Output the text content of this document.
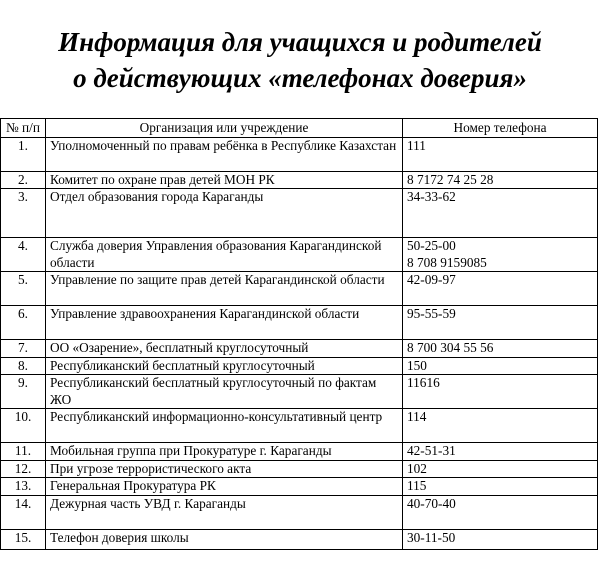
Информация для учащихся и родителей
о действующих «телефонах доверия»
№ п/п	Организация или учреждение	Номер телефона
1.	Уполномоченный по правам ребёнка в Республике Казахстан	111

2.	Комитет по охране прав детей МОН РК	8 7172 74 25 28

3.	Отдел образования города Караганды	34-33-62

4.	Служба доверия Управления образования Карагандинской области	50-25-00
8 708 9159085

5.	Управление по защите прав детей Карагандинской области	42-09-97

6.	Управление здравоохранения Карагандинской области	95-55-59

7.	ОО «Озарение», бесплатный круглосуточный	8 700 304 55 56

8.	Республиканский бесплатный круглосуточный	150

9.	Республиканский бесплатный круглосуточный по фактам ЖО	11616

10.	Республиканский информационно-консультативный центр	114

11.	Мобильная группа при Прокуратуре г. Караганды	42-51-31

12.	При угрозе террористического акта	102

13.	Генеральная Прокуратура РК	115

14.	Дежурная часть УВД г. Караганды	40-70-40

15.	Телефон доверия школы	30-11-50
